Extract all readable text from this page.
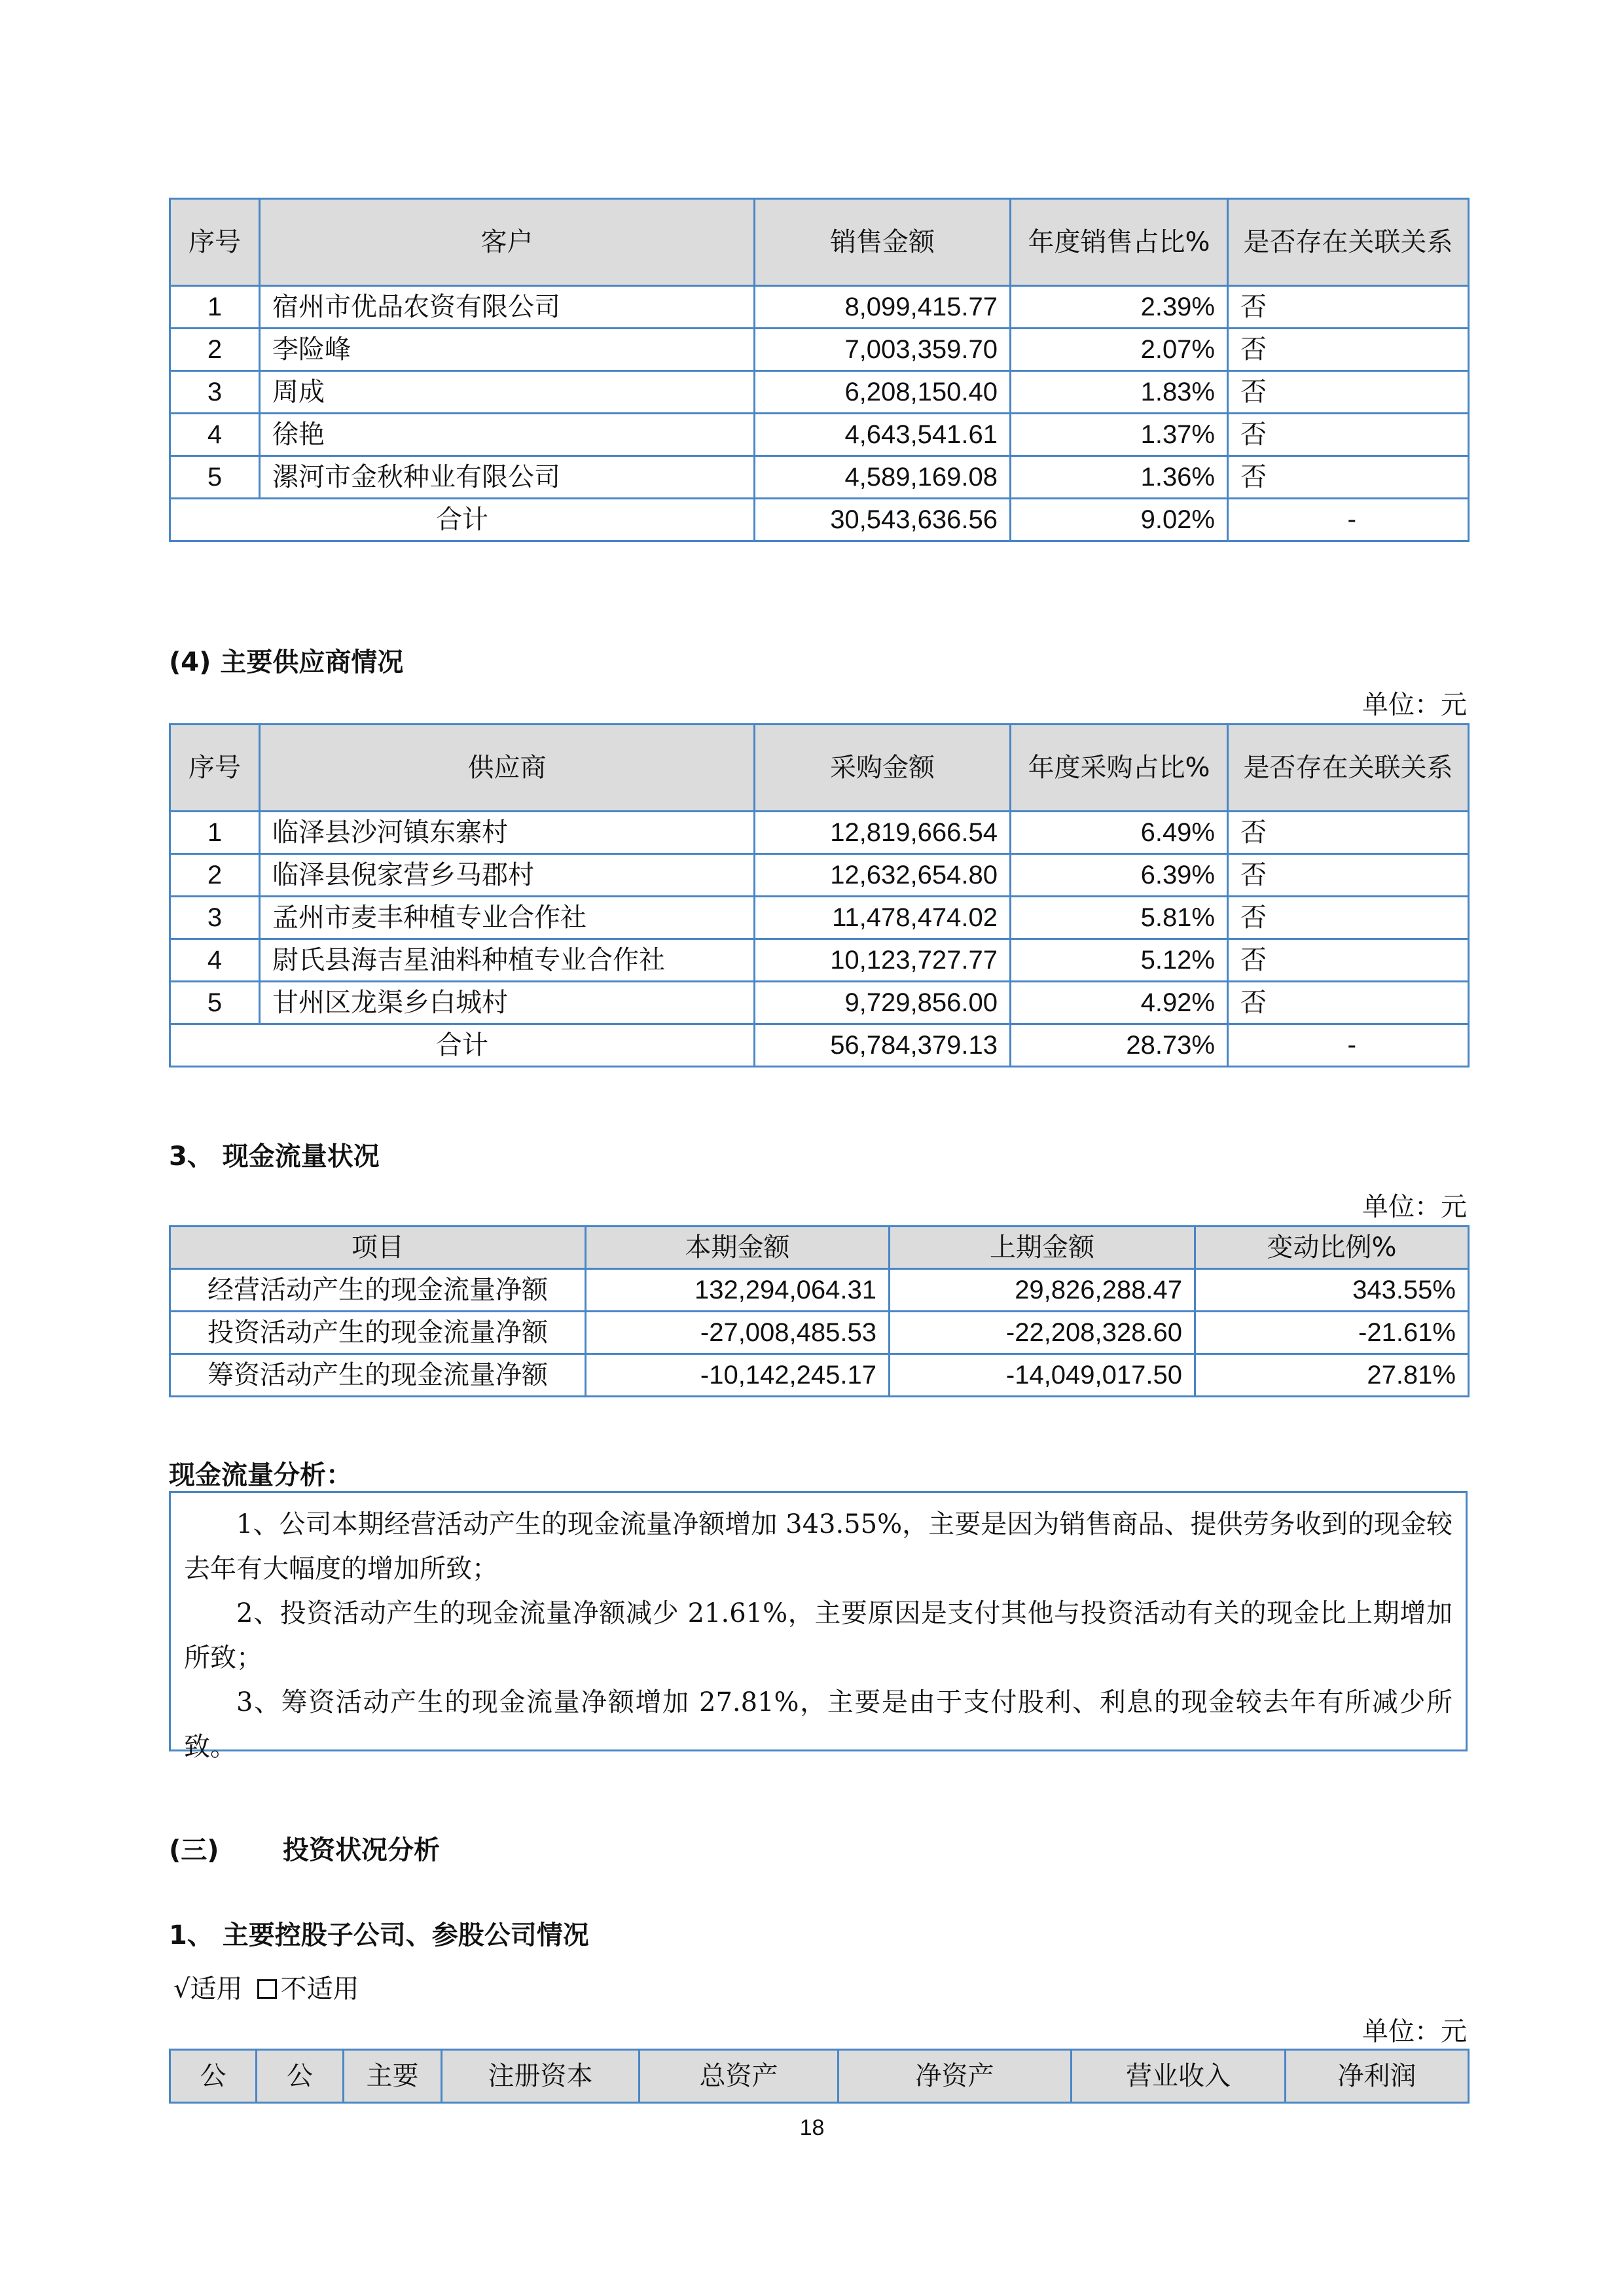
序号	客户	销售金额	年度销售占比%	是否存在关联关系
1	宿州市优品农资有限公司	8,099,415.77	2.39%	否
2	李险峰	7,003,359.70	2.07%	否
3	周成	6,208,150.40	1.83%	否
4	徐艳	4,643,541.61	1.37%	否
5	漯河市金秋种业有限公司	4,589,169.08	1.36%	否
合计		30,543,636.56	9.02%	-
(4) 主要供应商情况
单位：元
序号	供应商	采购金额	年度采购占比%	是否存在关联关系
1	临泽县沙河镇东寨村	12,819,666.54	6.49%	否
2	临泽县倪家营乡马郡村	12,632,654.80	6.39%	否
3	孟州市麦丰种植专业合作社	11,478,474.02	5.81%	否
4	尉氏县海吉星油料种植专业合作社	10,123,727.77	5.12%	否
5	甘州区龙渠乡白城村	9,729,856.00	4.92%	否
合计		56,784,379.13	28.73%	-
3、 现金流量状况
单位：元
项目	本期金额	上期金额	变动比例%
经营活动产生的现金流量净额	132,294,064.31	29,826,288.47	343.55%
投资活动产生的现金流量净额	-27,008,485.53	-22,208,328.60	-21.61%
筹资活动产生的现金流量净额	-10,142,245.17	-14,049,017.50	27.81%
现金流量分析：

1、公司本期经营活动产生的现金流量净额增加 343.55%，主要是因为销售商品、提供劳务收到的现金较去年有大幅度的增加所致；

2、投资活动产生的现金流量净额减少 21.61%，主要原因是支付其他与投资活动有关的现金比上期增加所致；

3、筹资活动产生的现金流量净额增加 27.81%，主要是由于支付股利、利息的现金较去年有所减少所致。

(三) 投资状况分析
1、 主要控股子公司、参股公司情况
√适用 不适用
单位：元
公	公	主要	注册资本	总资产	净资产	营业收入	净利润
18
